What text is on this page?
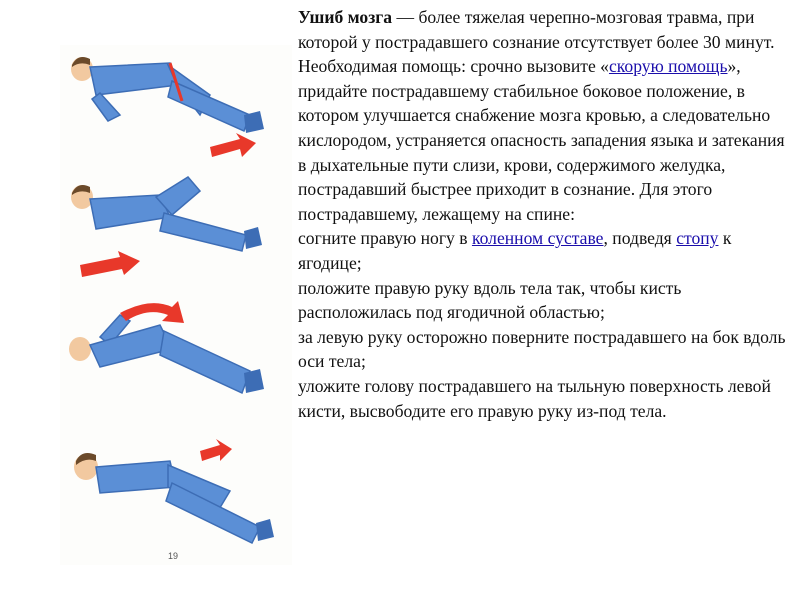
19

Ушиб мозга — более тяжелая черепно-мозговая травма, при которой у пострадавшего сознание отсутствует более 30 минут.

Необходимая помощь: срочно вызовите «скорую помощь», придайте пострадавшему стабильное боковое положение, в котором улучшается снабжение мозга кровью, а следовательно кислородом, устраняется опасность западения языка и затекания в дыхательные пути слизи, крови, содержимого желудка, пострадавший быстрее приходит в сознание. Для этого пострадавшему, лежащему на спине:

согните правую ногу в коленном суставе, подведя стопу к ягодице;

положите правую руку вдоль тела так, чтобы кисть расположилась под ягодичной областью;

за левую руку осторожно поверните пострадавшего на бок вдоль оси тела;

уложите голову пострадавшего на тыльную поверхность левой кисти, высвободите его правую руку из-под тела.
